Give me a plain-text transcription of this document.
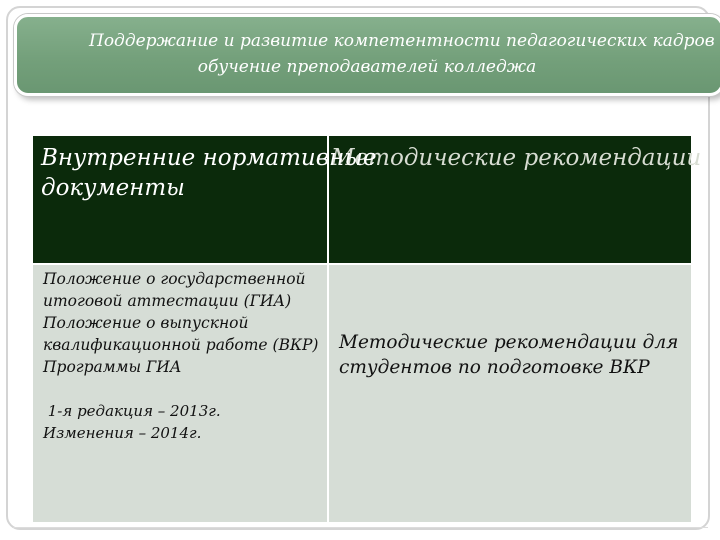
Поддержание и развитие компетентности педагогических кадров
обучение преподавателей колледжа
Методические рекомендации
Внутренние нормативные
документы
Положение о государственной
итоговой аттестации (ГИА)
Положение о выпускной
квалификационной работе (ВКР)
Программы ГИА
1-я редакция – 2013г.
Изменения – 2014г.
Методические рекомендации для
студентов по подготовке ВКР
